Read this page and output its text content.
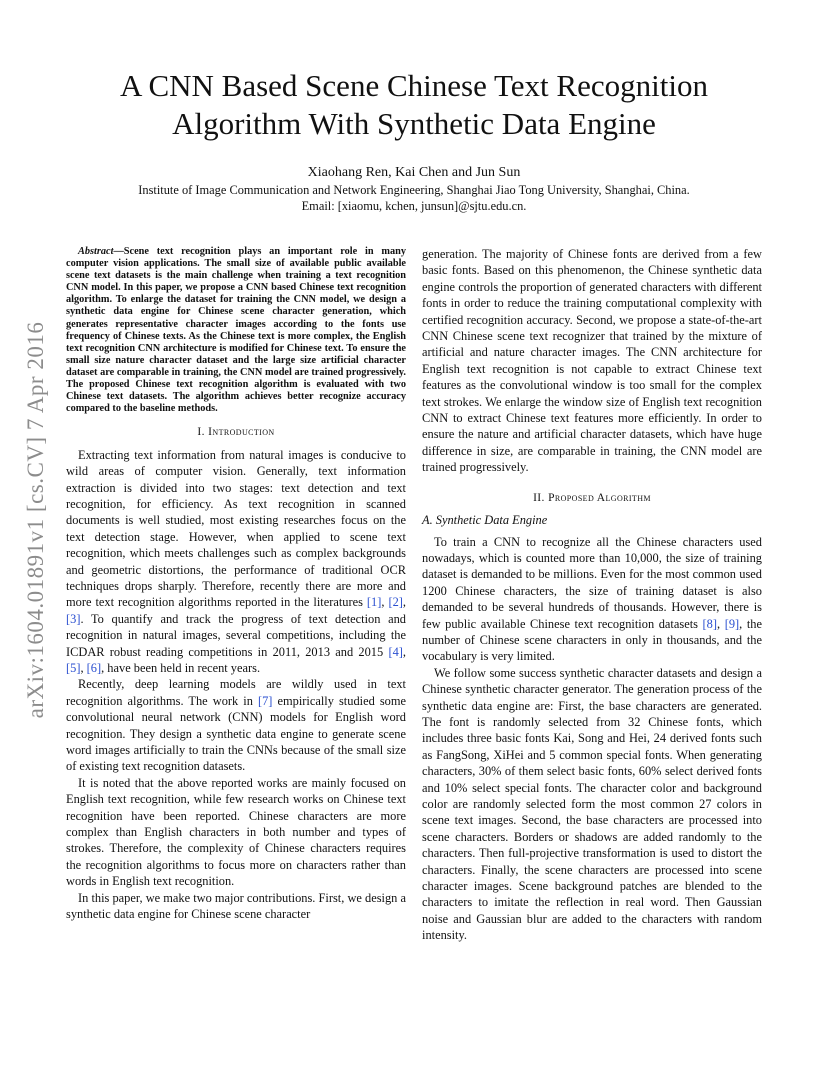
arXiv:1604.01891v1 [cs.CV] 7 Apr 2016
A CNN Based Scene Chinese Text Recognition
Algorithm With Synthetic Data Engine
Xiaohang Ren, Kai Chen and Jun Sun
Institute of Image Communication and Network Engineering, Shanghai Jiao Tong University, Shanghai, China.
Email: [xiaomu, kchen, junsun]@sjtu.edu.cn.

Abstract—Scene text recognition plays an important role in many computer vision applications. The small size of available public available scene text datasets is the main challenge when training a text recognition CNN model. In this paper, we propose a CNN based Chinese text recognition algorithm. To enlarge the dataset for training the CNN model, we design a synthetic data engine for Chinese scene character generation, which generates representative character images according to the fonts use frequency of Chinese texts. As the Chinese text is more complex, the English text recognition CNN architecture is modified for Chinese text. To ensure the small size nature character dataset and the large size artificial character dataset are comparable in training, the CNN model are trained progressively. The proposed Chinese text recognition algorithm is evaluated with two Chinese text datasets. The algorithm achieves better recognize accuracy compared to the baseline methods.

I. Introduction

Extracting text information from natural images is conducive to wild areas of computer vision. Generally, text information extraction is divided into two stages: text detection and text recognition, for efficiency. As text recognition in scanned documents is well studied, most existing researches focus on the text detection stage. However, when applied to scene text recognition, which meets challenges such as complex backgrounds and geometric distortions, the performance of traditional OCR techniques drops sharply. Therefore, recently there are more and more text recognition algorithms reported in the literatures [1], [2], [3]. To quantify and track the progress of text detection and recognition in natural images, several competitions, including the ICDAR robust reading competitions in 2011, 2013 and 2015 [4], [5], [6], have been held in recent years.

Recently, deep learning models are wildly used in text recognition algorithms. The work in [7] empirically studied some convolutional neural network (CNN) models for English word recognition. They design a synthetic data engine to generate scene word images artificially to train the CNNs because of the small size of existing text recognition datasets.

It is noted that the above reported works are mainly focused on English text recognition, while few research works on Chinese text recognition have been reported. Chinese characters are more complex than English characters in both number and types of strokes. Therefore, the complexity of Chinese characters requires the recognition algorithms to focus more on characters rather than words in English text recognition.

In this paper, we make two major contributions. First, we design a synthetic data engine for Chinese scene character

generation. The majority of Chinese fonts are derived from a few basic fonts. Based on this phenomenon, the Chinese synthetic data engine controls the proportion of generated characters with different fonts in order to reduce the training computational complexity with certified recognition accuracy. Second, we propose a state-of-the-art CNN Chinese scene text recognizer that trained by the mixture of artificial and nature character images. The CNN architecture for English text recognition is not capable to extract Chinese text features as the convolutional window is too small for the complex text strokes. We enlarge the window size of English text recognition CNN to extract Chinese text features more efficiently. In order to ensure the nature and artificial character datasets, which have huge difference in size, are comparable in training, the CNN model are trained progressively.

II. Proposed Algorithm
A. Synthetic Data Engine

To train a CNN to recognize all the Chinese characters used nowadays, which is counted more than 10,000, the size of training dataset is demanded to be millions. Even for the most common used 1200 Chinese characters, the size of training dataset is also demanded to be several hundreds of thousands. However, there is few public available Chinese text recognition datasets [8], [9], the number of Chinese scene characters in only in thousands, and the vocabulary is very limited.

We follow some success synthetic character datasets and design a Chinese synthetic character generator. The generation process of the synthetic data engine are: First, the base characters are generated. The font is randomly selected from 32 Chinese fonts, which includes three basic fonts Kai, Song and Hei, 24 derived fonts such as FangSong, XiHei and 5 common special fonts. When generating characters, 30% of them select basic fonts, 60% select derived fonts and 10% select special fonts. The character color and background color are randomly selected form the most common 27 colors in scene text images. Second, the base characters are processed into scene characters. Borders or shadows are added randomly to the characters. Then full-projective transformation is used to distort the characters. Finally, the scene characters are processed into scene character images. Scene background patches are blended to the characters to imitate the reflection in real word. Then Gaussian noise and Gaussian blur are added to the characters with random intensity.
